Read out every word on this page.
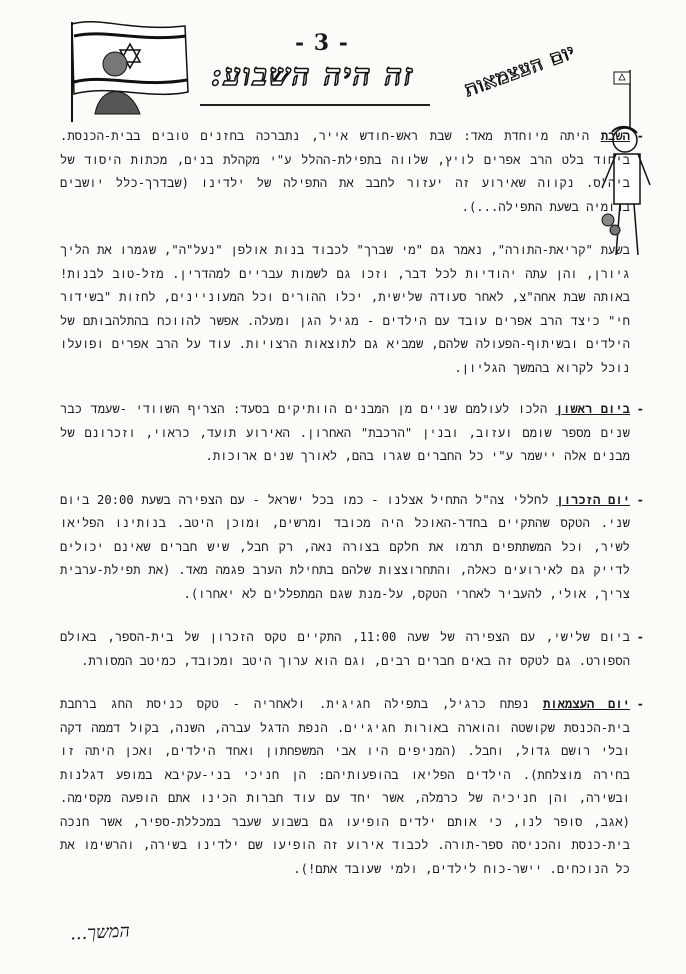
- 3 -
זה היה השבוע:	יום העצמאות

-
השבת היתה מיוחדת מאד: שבת ראש-חודש אייר, נתברכה בחזנים טובים בבית-הכנסת. ביחוד בלט הרב אפרים לויץ, שלווה בתפילת-ההלל ע"י מקהלת בנים, מכתות היסוד של ביה"ס. נקווה שאירוע זה יעזור לחבב את התפילה של ילדינו (שבדרך-כלל יושבים בדומיה בשעת התפילה...).

בשעת "קריאת-התורה", נאמר גם "מי שברך" לכבוד בנות אולפן "נעל"ה", שגמרו את הליך גיורן, והן עתה יהודיות לכל דבר, וזכו גם לשמות עבריים למהדרין. מזל-טוב לבנות! באותה שבת אחה"צ, לאחר סעודה שלישית, יכלו ההורים וכל המעוניינים, לחזות "בשידור חי" כיצד הרב אפרים עובד עם הילדים - מגיל הגן ומעלה. אפשר להווכח בהתלהבותם של הילדים ובשיתוף-הפעולה שלהם, שמביא גם לתוצאות הרצויות. עוד על הרב אפרים ופועלו נוכל לקרוא בהמשך הגליון.

-
ביום ראשון הלכו לעולמם שניים מן המבנים הוותיקים בסעד: הצריף השוודי -שעמד כבר שנים מספר שומם ועזוב, ובנין "הרכבת" האחרון. האירוע תועד, כראוי, וזכרונם של מבנים אלה יישמר ע"י כל החברים שגרו בהם, לאורך שנים ארוכות.

-
יום הזכרון לחללי צה"ל התחיל אצלנו - כמו בכל ישראל - עם הצפירה בשעת 20:00 ביום שני. הטקס שהתקיים בחדר-האוכל היה מכובד ומרשים, ומוכן היטב. בנותינו הפליאו לשיר, וכל המשתתפים תרמו את חלקם בצורה נאה, רק חבל, שיש חברים שאינם יכולים לדייק גם לאירועים כאלה, והתחרוצצות שלהם בתחילת הערב פגמה מאד. (את תפילת-ערבית צריך, אולי, להעביר לאחרי הטקס, על-מנת שגם המתפללים לא יאחרו).

-
ביום שלישי, עם הצפירה של שעה 11:00, התקיים טקס הזכרון של בית-הספר, באולם הספורט. גם לטקס זה באים חברים רבים, וגם הוא ערוך היטב ומכובד, כמיטב המסורת.

-
יום העצמאות נפתח כרגיל, בתפילה חגיגית. ולאחריה - טקס כניסת החג ברחבת בית-הכנסת שקושטה והוארה באורות חגיגיים. הנפת הדגל עברה, השנה, בקול דממה דקה ובלי רושם גדול, וחבל. (המניפים היו אבי המשפחתון ואחד הילדים, ואכן היתה זו בחירה מוצלחת). הילדים הפליאו בהופעותיהם: הן חניכי בני-עקיבא במופע דגלנות ובשירה, והן חניכיה של כרמלה, אשר יחד עם עוד חברות הכינו אתם הופעה מקסימה. (אגב, סופר לנו, כי אותם ילדים הופיעו גם בשבוע שעבר במכללת-ספיר, אשר חנכה בית-כנסת והכניסה ספר-תורה. לכבוד אירוע זה הופיעו שם ילדינו בשירה, והרשימו את כל הנוכחים. יישר-כוח לילדים, ולמי שעובד אתם!).

המשך...
